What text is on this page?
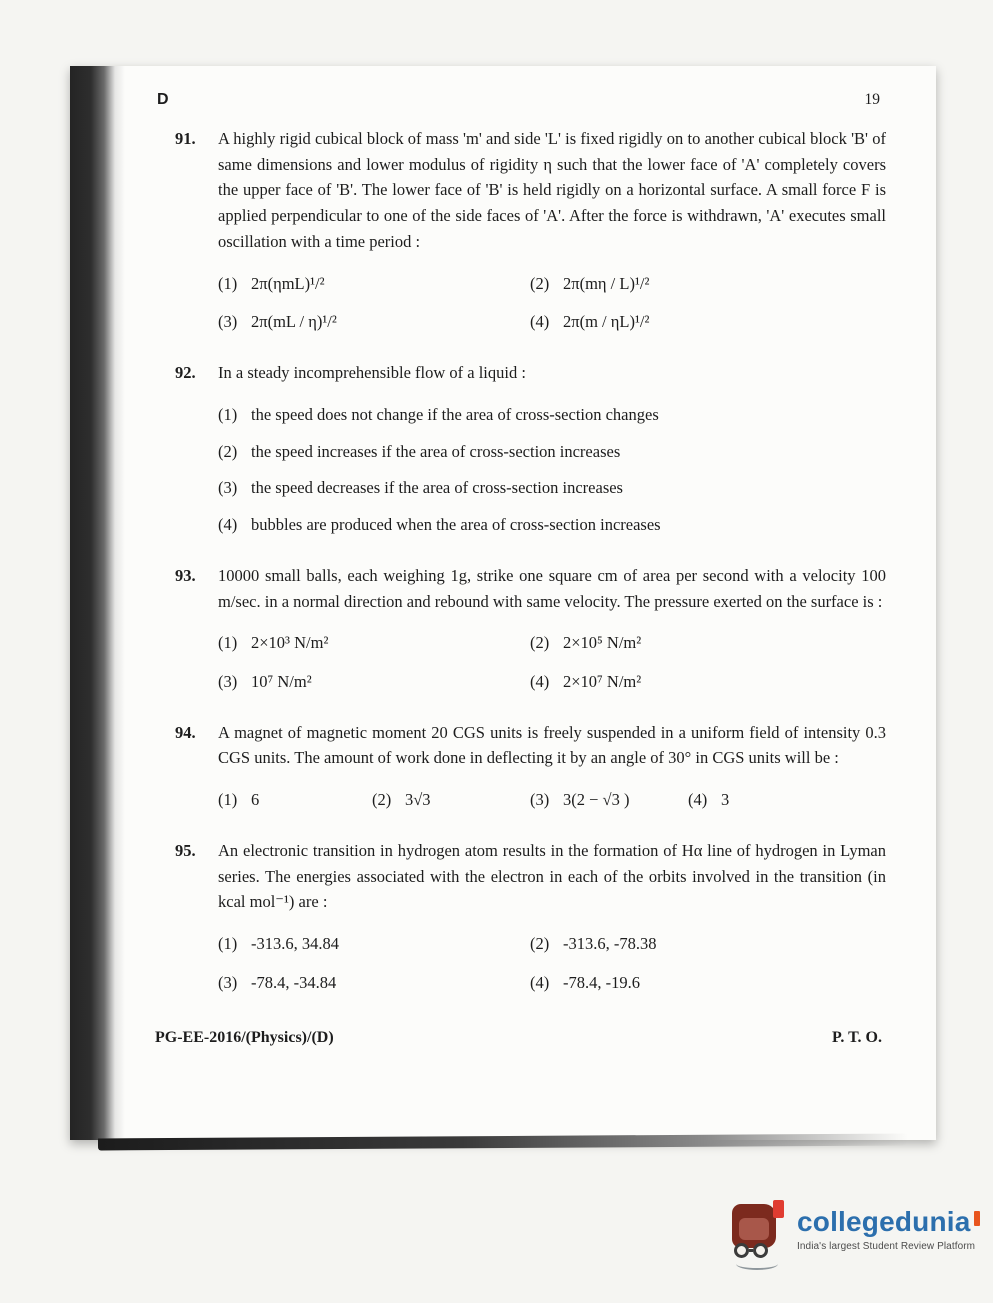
D	19
91.	A highly rigid cubical block of mass 'm' and side 'L' is fixed rigidly on to another cubical block 'B' of same dimensions and lower modulus of rigidity η such that the lower face of 'A' completely covers the upper face of 'B'. The lower face of 'B' is held rigidly on a horizontal surface. A small force F is applied perpendicular to one of the side faces of 'A'. After the force is withdrawn, 'A' executes small oscillation with a time period :
(1) 2π(ηmL)¹/²	(2) 2π(mη / L)¹/²
(3) 2π(mL / η)¹/²	(4) 2π(m / ηL)¹/²
92.	In a steady incomprehensible flow of a liquid :
(1) the speed does not change if the area of cross-section changes
(2) the speed increases if the area of cross-section increases
(3) the speed decreases if the area of cross-section increases
(4) bubbles are produced when the area of cross-section increases
93.	10000 small balls, each weighing 1g, strike one square cm of area per second with a velocity 100 m/sec. in a normal direction and rebound with same velocity. The pressure exerted on the surface is :
(1) 2×10³ N/m²	(2) 2×10⁵ N/m²
(3) 10⁷ N/m²	(4) 2×10⁷ N/m²
94.	A magnet of magnetic moment 20 CGS units is freely suspended in a uniform field of intensity 0.3 CGS units. The amount of work done in deflecting it by an angle of 30° in CGS units will be :
(1) 6	(2) 3√3	(3) 3(2 − √3 )	(4) 3
95.	An electronic transition in hydrogen atom results in the formation of Hα line of hydrogen in Lyman series. The energies associated with the electron in each of the orbits involved in the transition (in kcal mol⁻¹) are :
(1) -313.6, 34.84	(2) -313.6, -78.38
(3) -78.4, -34.84	(4) -78.4, -19.6
PG-EE-2016/(Physics)/(D)	P. T. O.
collegedunia
India's largest Student Review Platform
